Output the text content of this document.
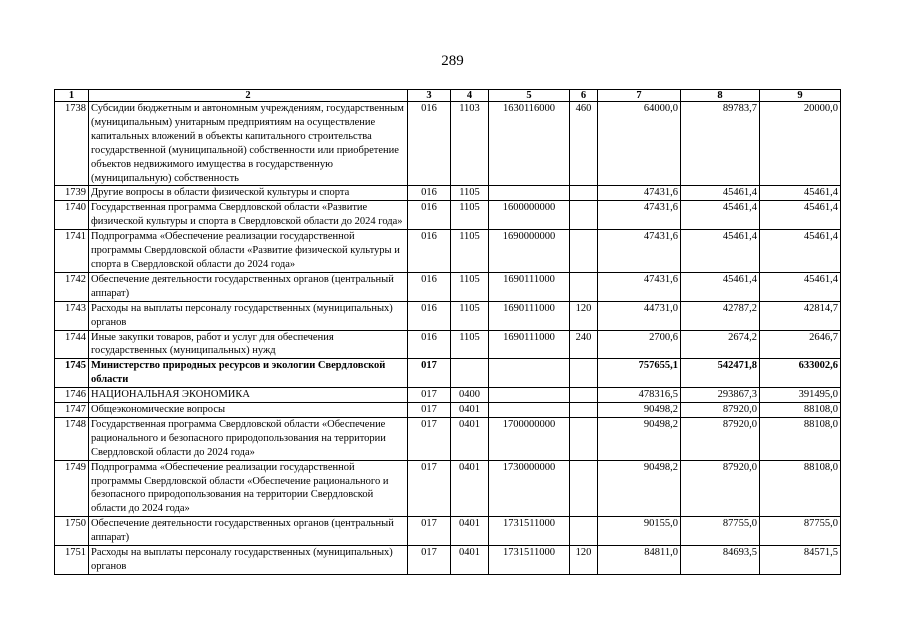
289
1	2	3	4	5	6	7	8	9
1738	Субсидии бюджетным и автономным учреждениям, государственным (муниципальным) унитарным предприятиям на осуществление капитальных вложений в объекты капитального строительства государственной (муниципальной) собственности или приобретение объектов недвижимого имущества в государственную (муниципальную) собственность	016	1103	1630116000	460	64000,0	89783,7	20000,0
1739	Другие вопросы в области физической культуры и спорта	016	1105			47431,6	45461,4	45461,4
1740	Государственная программа Свердловской области «Развитие физической культуры и спорта в Свердловской области до 2024 года»	016	1105	1600000000		47431,6	45461,4	45461,4
1741	Подпрограмма «Обеспечение реализации государственной программы Свердловской области «Развитие физической культуры и спорта в Свердловской области до 2024 года»	016	1105	1690000000		47431,6	45461,4	45461,4
1742	Обеспечение деятельности государственных органов (центральный аппарат)	016	1105	1690111000		47431,6	45461,4	45461,4
1743	Расходы на выплаты персоналу государственных (муниципальных) органов	016	1105	1690111000	120	44731,0	42787,2	42814,7
1744	Иные закупки товаров, работ и услуг для обеспечения государственных (муниципальных) нужд	016	1105	1690111000	240	2700,6	2674,2	2646,7
1745	Министерство природных ресурсов и экологии Свердловской области	017				757655,1	542471,8	633002,6
1746	НАЦИОНАЛЬНАЯ ЭКОНОМИКА	017	0400			478316,5	293867,3	391495,0
1747	Общеэкономические вопросы	017	0401			90498,2	87920,0	88108,0
1748	Государственная программа Свердловской области «Обеспечение рационального и безопасного природопользования на территории Свердловской области до 2024 года»	017	0401	1700000000		90498,2	87920,0	88108,0
1749	Подпрограмма «Обеспечение реализации государственной программы Свердловской области «Обеспечение рационального и безопасного природопользования на территории Свердловской области до 2024 года»	017	0401	1730000000		90498,2	87920,0	88108,0
1750	Обеспечение деятельности государственных органов (центральный аппарат)	017	0401	1731511000		90155,0	87755,0	87755,0
1751	Расходы на выплаты персоналу государственных (муниципальных) органов	017	0401	1731511000	120	84811,0	84693,5	84571,5
